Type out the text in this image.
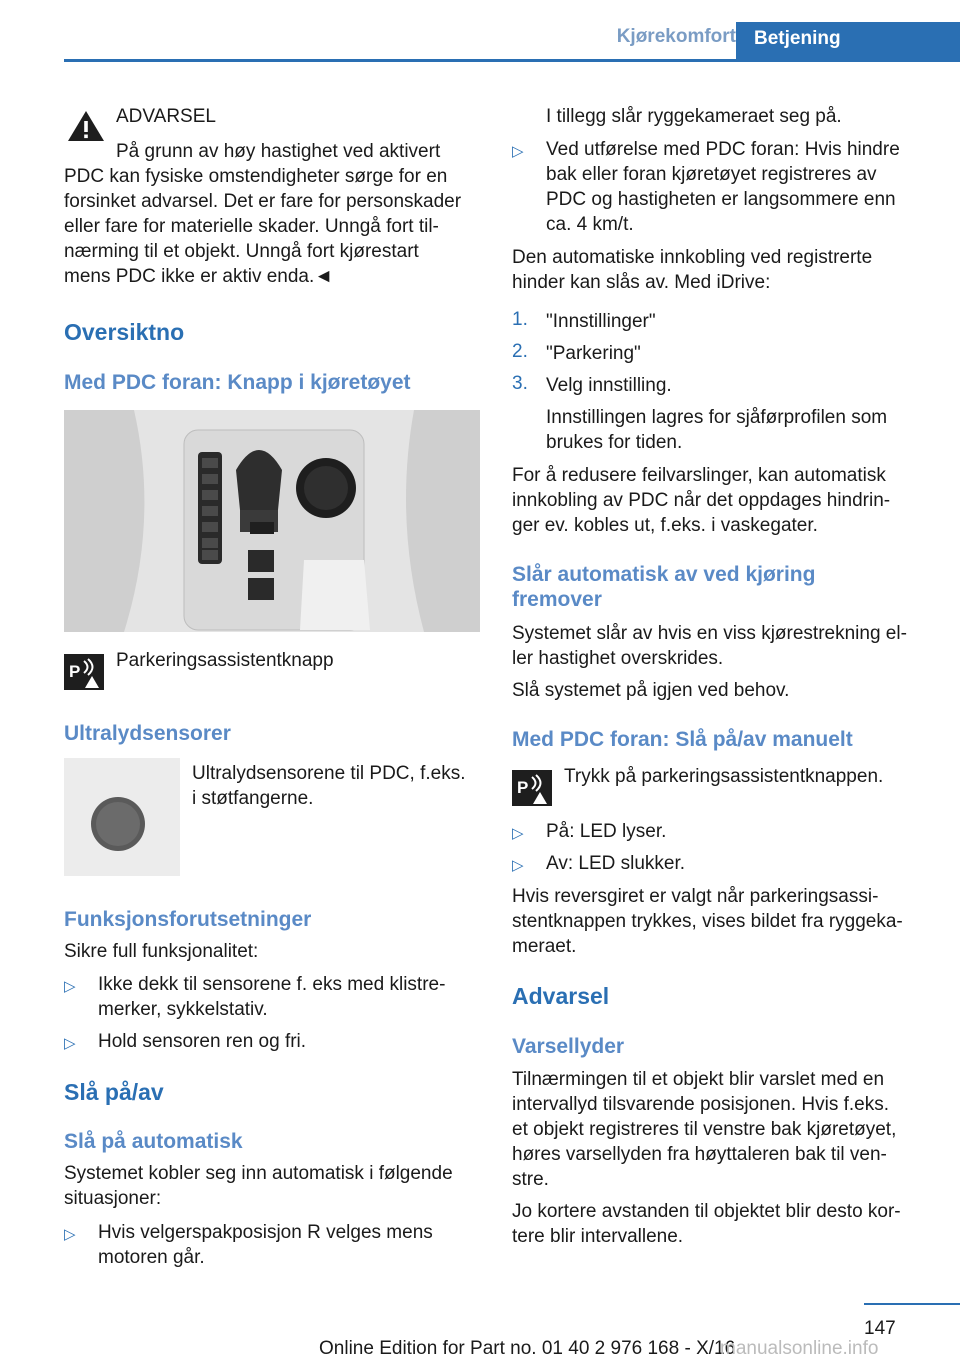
Kjørekomfort Betjening
ADVARSEL
På grunn av høy hastighet ved aktivert
PDC kan fysiske omstendigheter sørge for en
forsinket advarsel. Det er fare for personskader
eller fare for materielle skader. Unngå fort til-
nærming til et objekt. Unngå fort kjørestart
mens PDC ikke er aktiv enda.◄
Oversiktno
Med PDC foran: Knapp i kjøretøyet
P
Parkeringsassistentknapp
Ultralydsensorer
Ultralydsensorene til PDC, f.eks.
i støtfangerne.
Funksjonsforutsetninger
Sikre full funksjonalitet:
▷ Ikke dekk til sensorene f. eks med klistre-
merker, sykkelstativ.
▷ Hold sensoren ren og fri.
Slå på/av
Slå på automatisk
Systemet kobler seg inn automatisk i følgende
situasjoner:
▷ Hvis velgerspakposisjon R velges mens
motoren går.
I tillegg slår ryggekameraet seg på.
▷ Ved utførelse med PDC foran: Hvis hindre
bak eller foran kjøretøyet registreres av
PDC og hastigheten er langsommere enn
ca. 4 km/t.
Den automatiske innkobling ved registrerte
hinder kan slås av. Med iDrive:
1. "Innstillinger"
2. "Parkering"
3. Velg innstilling.
Innstillingen lagres for sjåførprofilen som
brukes for tiden.
For å redusere feilvarslinger, kan automatisk
innkobling av PDC når det oppdages hindrin-
ger ev. kobles ut, f.eks. i vaskegater.
Slår automatisk av ved kjøring
fremover
Systemet slår av hvis en viss kjørestrekning el-
ler hastighet overskrides.
Slå systemet på igjen ved behov.
Med PDC foran: Slå på/av manuelt
P
Trykk på parkeringsassistentknappen.
▷ På: LED lyser.
▷ Av: LED slukker.
Hvis reversgiret er valgt når parkeringsassi-
stentknappen trykkes, vises bildet fra ryggeka-
meraet.
Advarsel
Varsellyder
Tilnærmingen til et objekt blir varslet med en
intervallyd tilsvarende posisjonen. Hvis f.eks.
et objekt registreres til venstre bak kjøretøyet,
høres varsellyden fra høyttaleren bak til ven-
stre.
Jo kortere avstanden til objektet blir desto kor-
tere blir intervallene.
147
Online Edition for Part no. 01 40 2 976 168 - X/16
manualsonline.info
